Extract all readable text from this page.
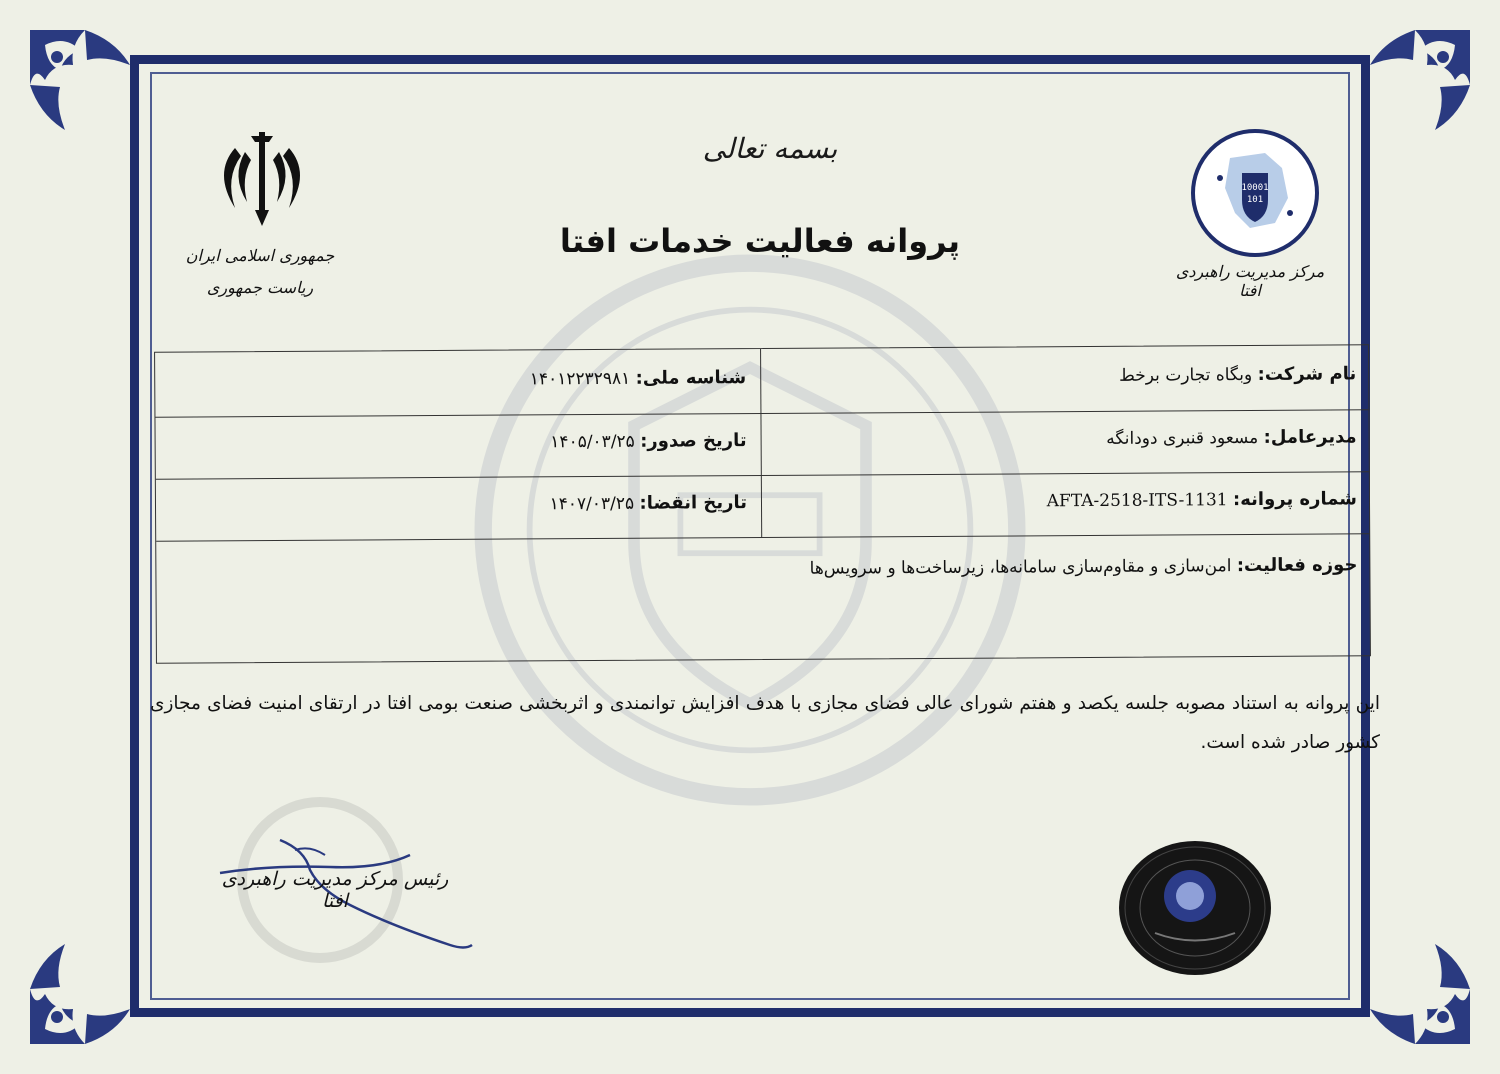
بسمه تعالی
پروانه فعالیت خدمات افتا
جمهوری اسلامی ایران
ریاست جمهوری
10001
101
مرکز مدیریت راهبردی افتا
نام شرکت: وبگاه تجارت برخط
شناسه ملی: ۱۴۰۱۲۲۳۲۹۸۱
مدیرعامل: مسعود قنبری دودانگه
تاریخ صدور: ۱۴۰۵/۰۳/۲۵
شماره پروانه: AFTA-2518-ITS-1131
تاریخ انقضا: ۱۴۰۷/۰۳/۲۵
حوزه فعالیت: امن‌سازی و مقاوم‌سازی سامانه‌ها، زیرساخت‌ها و سرویس‌ها
این پروانه به استناد مصوبه جلسه یکصد و هفتم شورای عالی فضای مجازی با هدف افزایش توانمندی و اثربخشی صنعت بومی افتا در ارتقای امنیت فضای مجازی کشور صادر شده است.
رئیس مرکز مدیریت راهبردی افتا
